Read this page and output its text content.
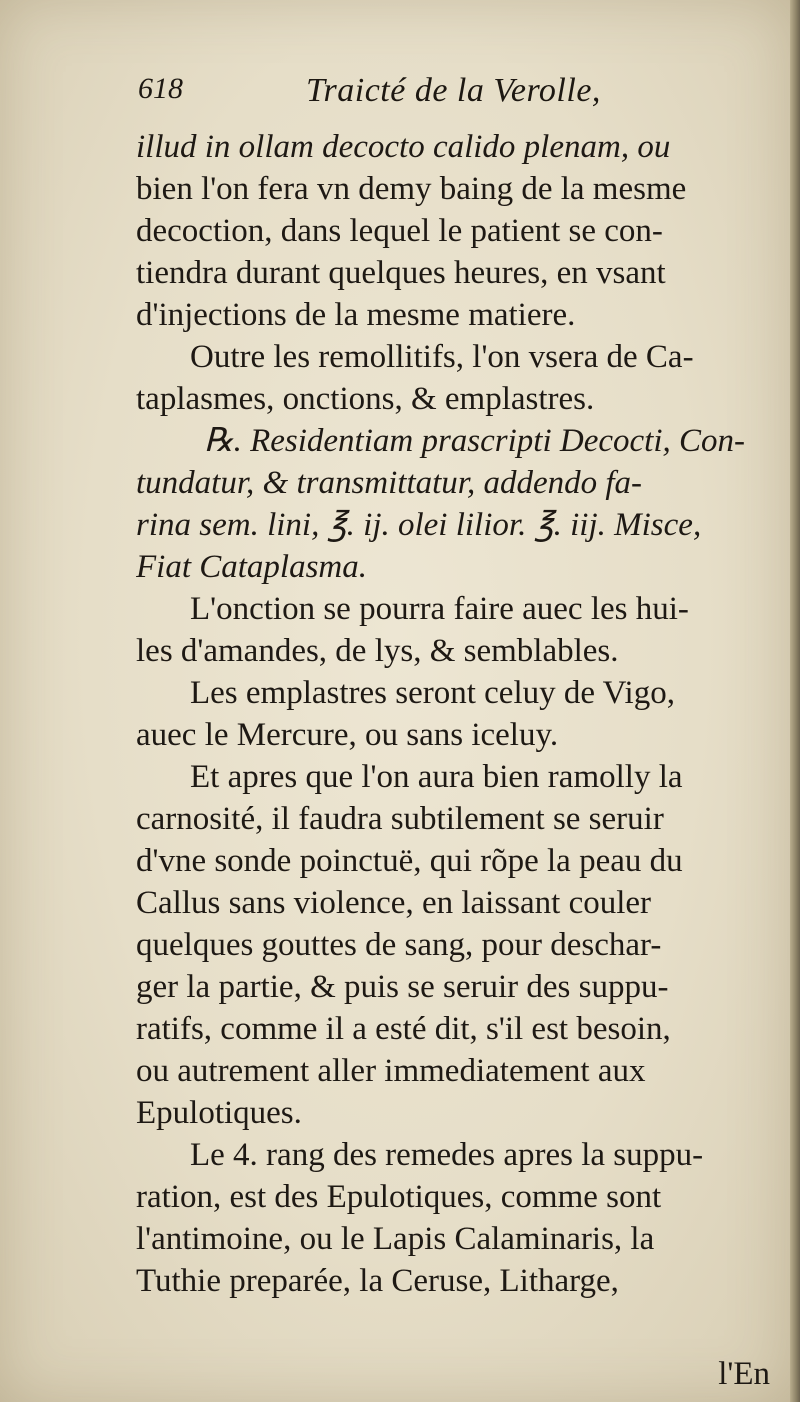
618	Traicté de la Verolle,
illud in ollam decocto calido plenam, ou
bien l'on fera vn demy baing de la mesme
decoction, dans lequel le patient se con-
tiendra durant quelques heures, en vsant
d'injections de la mesme matiere.
Outre les remollitifs, l'on vsera de Ca-
taplasmes, onctions, & emplastres.
℞. Residentiam prascripti Decocti, Con-
tundatur, & transmittatur, addendo fa-
rina sem. lini, ℥. ij. olei lilior. ℥. iij. Misce,
Fiat Cataplasma.
L'onction se pourra faire auec les hui-
les d'amandes, de lys, & semblables.
Les emplastres seront celuy de Vigo,
auec le Mercure, ou sans iceluy.
Et apres que l'on aura bien ramolly la
carnosité, il faudra subtilement se seruir
d'vne sonde poinctuë, qui rõpe la peau du
Callus sans violence, en laissant couler
quelques gouttes de sang, pour deschar-
ger la partie, & puis se seruir des suppu-
ratifs, comme il a esté dit, s'il est besoin,
ou autrement aller immediatement aux
Epulotiques.
Le 4. rang des remedes apres la suppu-
ration, est des Epulotiques, comme sont
l'antimoine, ou le Lapis Calaminaris, la
Tuthie preparée, la Ceruse, Litharge,
l'En
